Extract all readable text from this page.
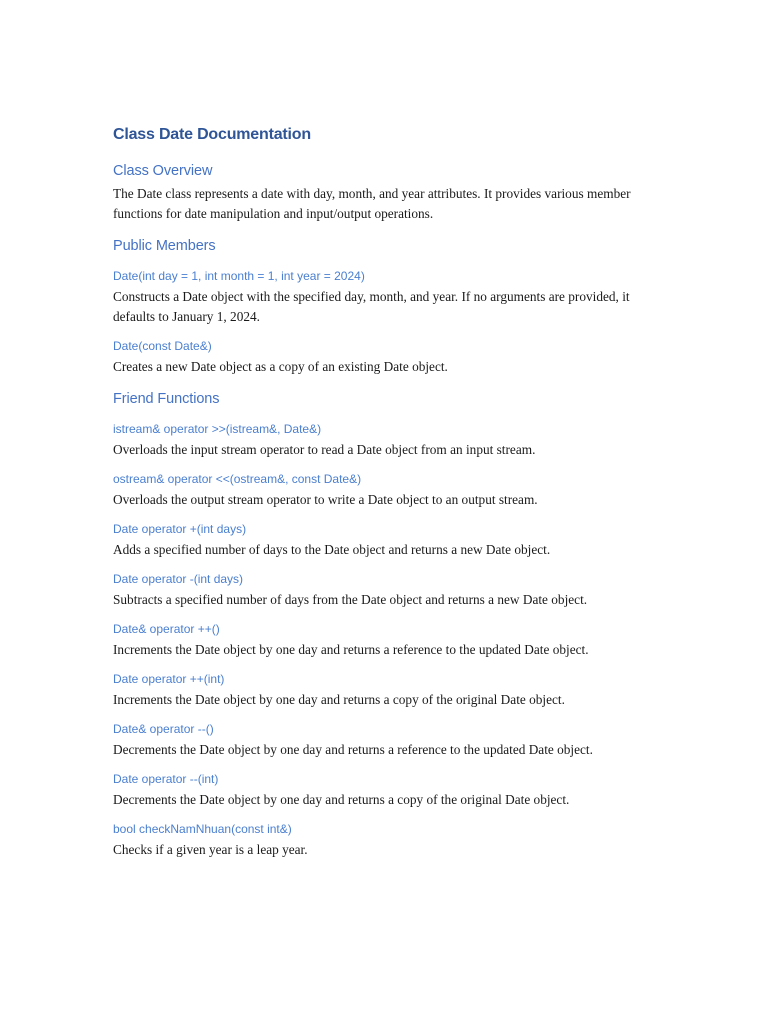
Class Date Documentation
Class Overview

The Date class represents a date with day, month, and year attributes. It provides various member functions for date manipulation and input/output operations.

Public Members
Date(int day = 1, int month = 1, int year = 2024)

Constructs a Date object with the specified day, month, and year. If no arguments are provided, it defaults to January 1, 2024.

Date(const Date&)

Creates a new Date object as a copy of an existing Date object.

Friend Functions
istream& operator >>(istream&, Date&)

Overloads the input stream operator to read a Date object from an input stream.

ostream& operator <<(ostream&, const Date&)

Overloads the output stream operator to write a Date object to an output stream.

Date operator +(int days)

Adds a specified number of days to the Date object and returns a new Date object.

Date operator -(int days)

Subtracts a specified number of days from the Date object and returns a new Date object.

Date& operator ++()

Increments the Date object by one day and returns a reference to the updated Date object.

Date operator ++(int)

Increments the Date object by one day and returns a copy of the original Date object.

Date& operator --()

Decrements the Date object by one day and returns a reference to the updated Date object.

Date operator --(int)

Decrements the Date object by one day and returns a copy of the original Date object.

bool checkNamNhuan(const int&)

Checks if a given year is a leap year.
